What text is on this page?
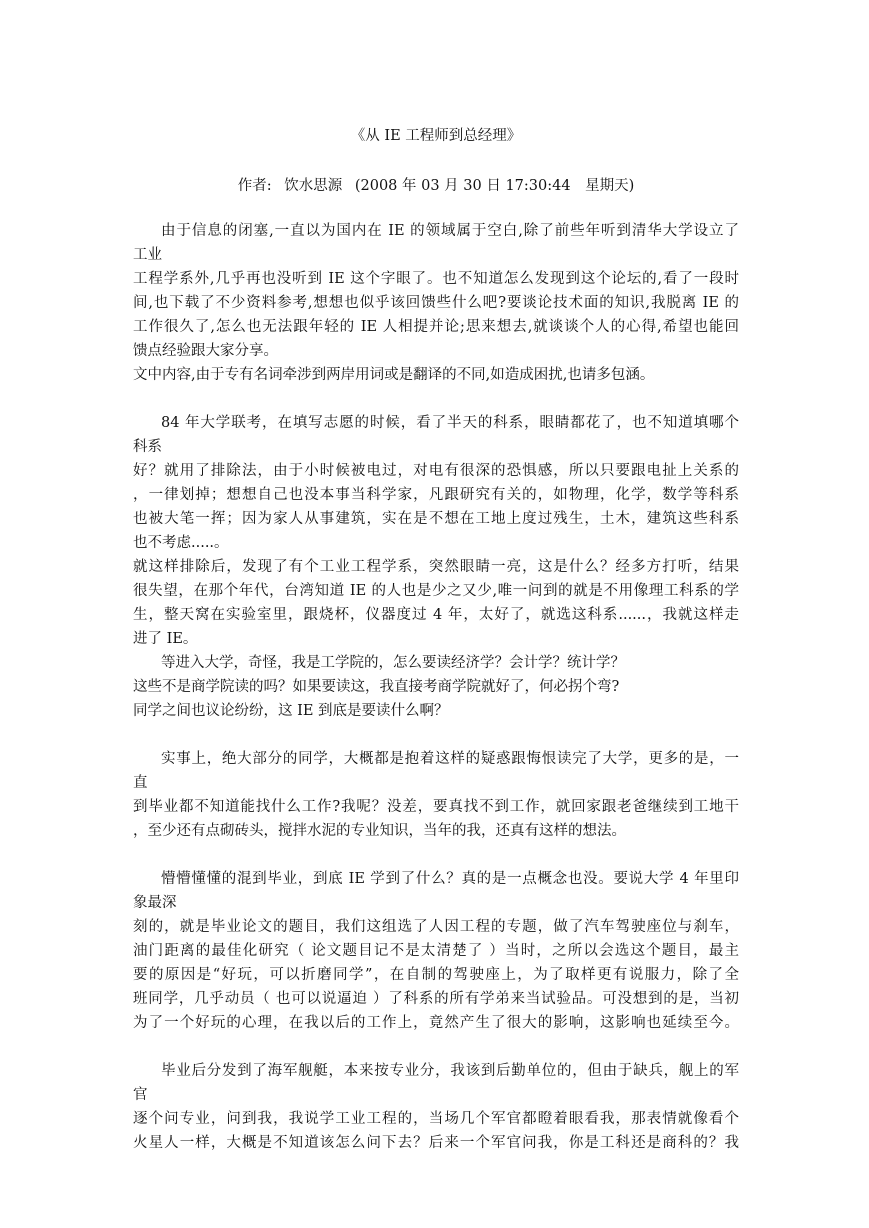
《从 IE 工程师到总经理》
作者: 饮水思源 (2008 年 03 月 30 日 17:30:44　星期天)
由于信息的闭塞,一直以为国内在 IE 的领域属于空白,除了前些年听到清华大学设立了
工业
工程学系外,几乎再也没听到 IE 这个字眼了。也不知道怎么发现到这个论坛的,看了一段时
间,也下载了不少资料参考,想想也似乎该回馈些什么吧?要谈论技术面的知识,我脱离 IE 的
工作很久了,怎么也无法跟年轻的 IE 人相提并论;思来想去,就谈谈个人的心得,希望也能回
馈点经验跟大家分享。
文中内容,由于专有名词牵涉到两岸用词或是翻译的不同,如造成困扰,也请多包涵。
84 年大学联考，在填写志愿的时候，看了半天的科系，眼睛都花了，也不知道填哪个
科系
好？就用了排除法，由于小时候被电过，对电有很深的恐惧感，所以只要跟电扯上关系的
，一律划掉；想想自己也没本事当科学家，凡跟研究有关的，如物理，化学，数学等科系
也被大笔一挥；因为家人从事建筑，实在是不想在工地上度过残生，土木，建筑这些科系
也不考虑.....。
就这样排除后，发现了有个工业工程学系，突然眼睛一亮，这是什么？经多方打听，结果
很失望，在那个年代，台湾知道 IE 的人也是少之又少,唯一问到的就是不用像理工科系的学
生，整天窝在实验室里，跟烧杯，仪器度过 4 年，太好了，就选这科系......，我就这样走
进了 IE。
等进入大学，奇怪，我是工学院的，怎么要读经济学？会计学？统计学？
这些不是商学院读的吗？如果要读这，我直接考商学院就好了，何必拐个弯?
同学之间也议论纷纷，这 IE 到底是要读什么啊？
实事上，绝大部分的同学，大概都是抱着这样的疑惑跟悔恨读完了大学，更多的是，一
直
到毕业都不知道能找什么工作?我呢？没差，要真找不到工作，就回家跟老爸继续到工地干
，至少还有点砌砖头，搅拌水泥的专业知识，当年的我，还真有这样的想法。
懵懵懂懂的混到毕业，到底 IE 学到了什么？真的是一点概念也没。要说大学 4 年里印
象最深
刻的，就是毕业论文的题目，我们这组选了人因工程的专题，做了汽车驾驶座位与刹车，
油门距离的最佳化研究（ 论文题目记不是太清楚了 ）当时，之所以会选这个题目，最主
要的原因是“好玩，可以折磨同学”，在自制的驾驶座上，为了取样更有说服力，除了全
班同学，几乎动员（ 也可以说逼迫 ）了科系的所有学弟来当试验品。可没想到的是，当初
为了一个好玩的心理，在我以后的工作上，竟然产生了很大的影响，这影响也延续至今。
毕业后分发到了海军舰艇，本来按专业分，我该到后勤单位的，但由于缺兵，舰上的军
官
逐个问专业，问到我，我说学工业工程的，当场几个军官都瞪着眼看我，那表情就像看个
火星人一样，大概是不知道该怎么问下去？后来一个军官问我，你是工科还是商科的？我
